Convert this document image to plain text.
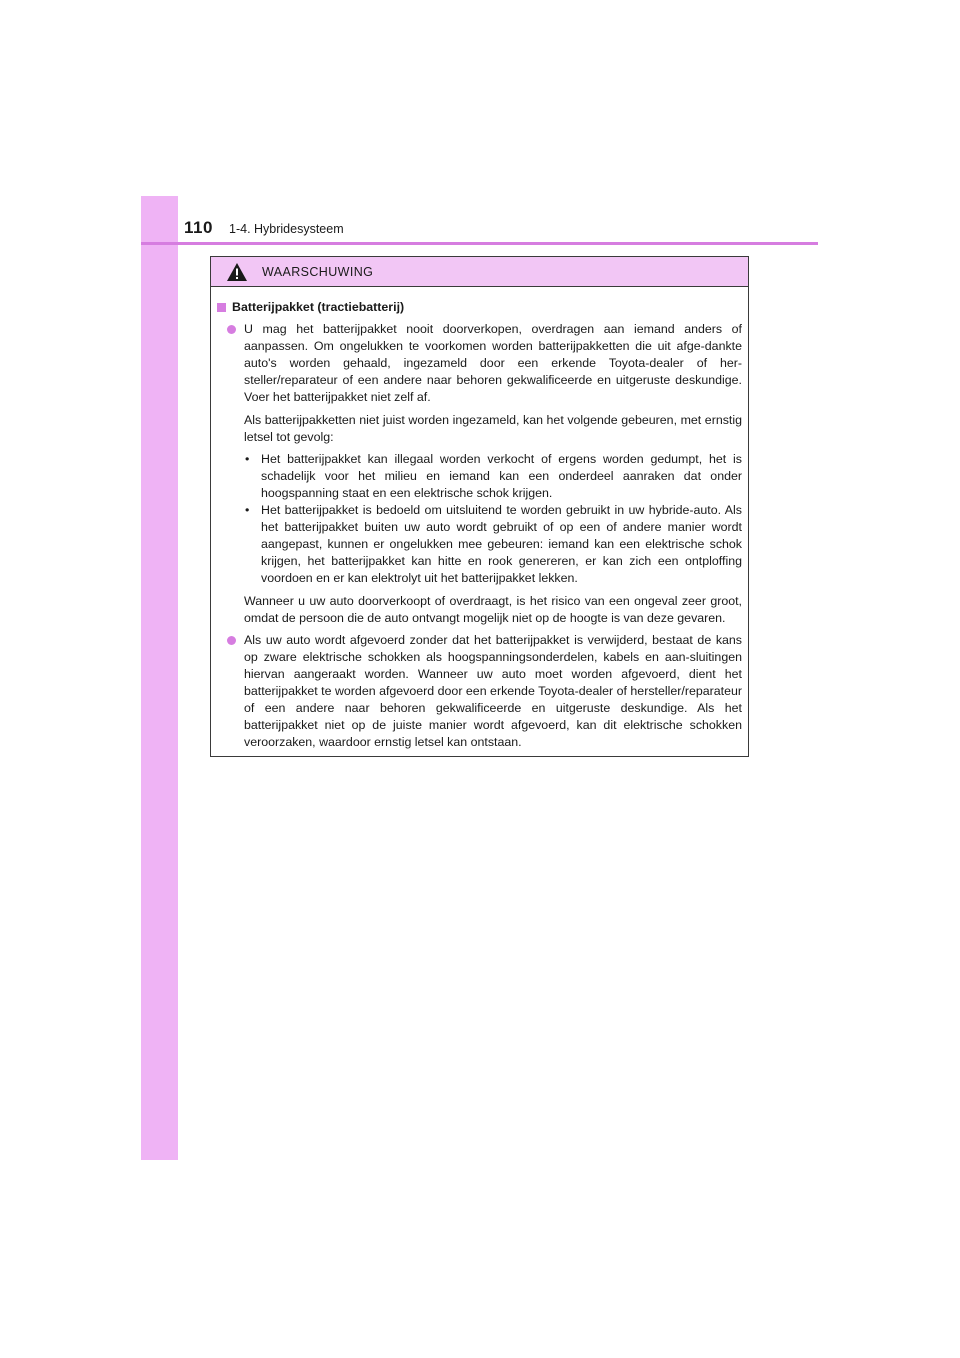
110 1-4. Hybridesysteem
WAARSCHUWING
Batterijpakket (tractiebatterij)

U mag het batterijpakket nooit doorverkopen, overdragen aan iemand anders of aanpassen. Om ongelukken te voorkomen worden batterijpakketten die uit afge-dankte auto's worden gehaald, ingezameld door een erkende Toyota-dealer of her-steller/reparateur of een andere naar behoren gekwalificeerde en uitgeruste deskundige. Voer het batterijpakket niet zelf af.

Als batterijpakketten niet juist worden ingezameld, kan het volgende gebeuren, met ernstig letsel tot gevolg:

• Het batterijpakket kan illegaal worden verkocht of ergens worden gedumpt, het is schadelijk voor het milieu en iemand kan een onderdeel aanraken dat onder hoogspanning staat en een elektrische schok krijgen.
• Het batterijpakket is bedoeld om uitsluitend te worden gebruikt in uw hybride-auto. Als het batterijpakket buiten uw auto wordt gebruikt of op een of andere manier wordt aangepast, kunnen er ongelukken mee gebeuren: iemand kan een elektrische schok krijgen, het batterijpakket kan hitte en rook genereren, er kan zich een ontploffing voordoen en er kan elektrolyt uit het batterijpakket lekken.

Wanneer u uw auto doorverkoopt of overdraagt, is het risico van een ongeval zeer groot, omdat de persoon die de auto ontvangt mogelijk niet op de hoogte is van deze gevaren.

Als uw auto wordt afgevoerd zonder dat het batterijpakket is verwijderd, bestaat de kans op zware elektrische schokken als hoogspanningsonderdelen, kabels en aan-sluitingen hiervan aangeraakt worden. Wanneer uw auto moet worden afgevoerd, dient het batterijpakket te worden afgevoerd door een erkende Toyota-dealer of hersteller/reparateur of een andere naar behoren gekwalificeerde en uitgeruste deskundige. Als het batterijpakket niet op de juiste manier wordt afgevoerd, kan dit elektrische schokken veroorzaken, waardoor ernstig letsel kan ontstaan.
